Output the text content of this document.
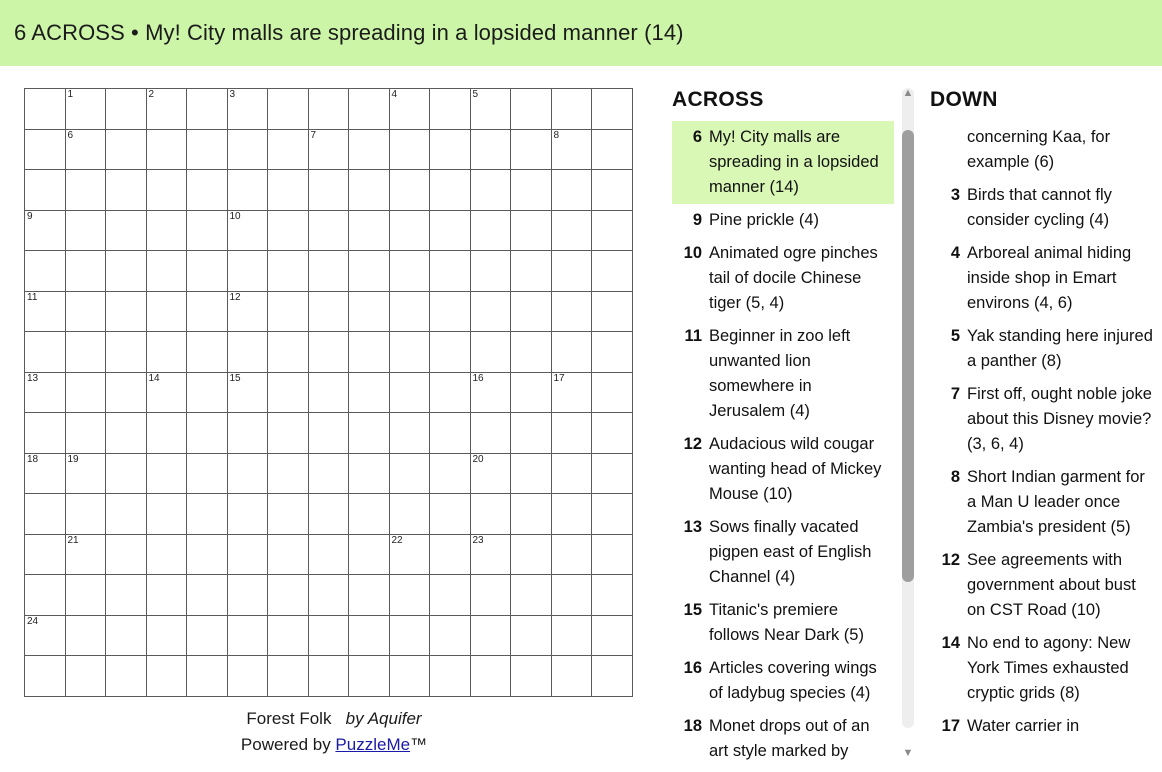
6 ACROSS • My! City malls are spreading in a lopsided manner (14)

	1		2		3				4		5			

	6						7						8	

9					10									

11					12									

13			14		15						16		17	

18	19										20			

	21								22		23			

24														

Forest Folk by Aquifer
Powered by PuzzleMe™
ACROSS
6 My! City malls are spreading in a lopsided manner (14)
9 Pine prickle (4)
10 Animated ogre pinches tail of docile Chinese tiger (5, 4)
11 Beginner in zoo left unwanted lion somewhere in Jerusalem (4)
12 Audacious wild cougar wanting head of Mickey Mouse (10)
13 Sows finally vacated pigpen east of English Channel (4)
15 Titanic's premiere follows Near Dark (5)
16 Articles covering wings of ladybug species (4)
18 Monet drops out of an art style marked by
▲
▼
DOWN
concerning Kaa, for example (6)
3 Birds that cannot fly consider cycling (4)
4 Arboreal animal hiding inside shop in Emart environs (4, 6)
5 Yak standing here injured a panther (8)
7 First off, ought noble joke about this Disney movie? (3, 6, 4)
8 Short Indian garment for a Man U leader once Zambia's president (5)
12 See agreements with government about bust on CST Road (10)
14 No end to agony: New York Times exhausted cryptic grids (8)
17 Water carrier in
